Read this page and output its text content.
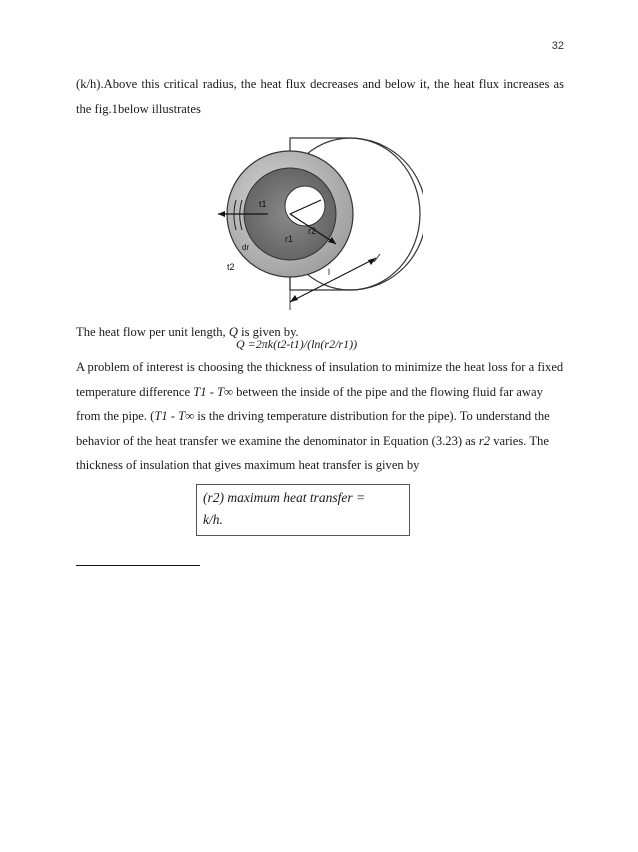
32

(k/h).Above this critical radius, the heat flux decreases and below it, the heat flux increases as the fig.1below illustrates

t1
r2
r1
dr
t2	l

The heat flow per unit length, Q is given by.

Q =2πk(t2-t1)/(ln(r2/r1))

A problem of interest is choosing the thickness of insulation to minimize the heat loss for a fixed
temperature difference T1 - T∞ between the inside of the pipe and the flowing fluid far away
from the pipe. (T1 - T∞ is the driving temperature distribution for the pipe). To understand the
behavior of the heat transfer we examine the denominator in Equation (3.23) as r2 varies. The
thickness of insulation that gives maximum heat transfer is given by

(r2) maximum heat transfer =
k/h.
